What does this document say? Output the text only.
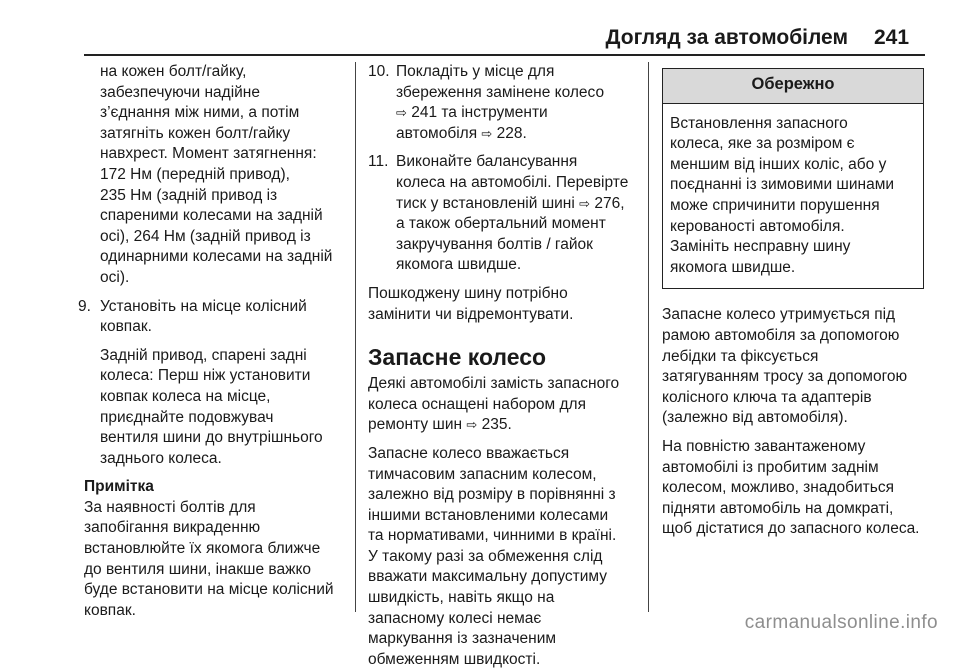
Догляд за автомобілем 241

на кожен болт/гайку,

забезпечуючи надійне

з’єднання між ними, а потім

затягніть кожен болт/гайку

навхрест. Момент затягнення:

172 Нм (передній привод),

235 Нм (задній привод із

спареними колесами на задній

осі), 264 Нм (задній привод із

одинарними колесами на задній

осі).

9. Установіть на місце колісний

ковпак.

Задній привод, спарені задні

колеса: Перш ніж установити

ковпак колеса на місце,

приєднайте подовжувач

вентиля шини до внутрішнього

заднього колеса.

Примітка

За наявності болтів для

запобігання викраденню

встановлюйте їх якомога ближче

до вентиля шини, інакше важко

буде встановити на місце колісний

ковпак.

10. Покладіть у місце для

збереження замінене колесо

⇨ 241 та інструменти

автомобіля ⇨ 228.

11. Виконайте балансування

колеса на автомобілі. Перевірте

тиск у встановленій шині ⇨ 276,

а також обертальний момент

закручування болтів / гайок

якомога швидше.

Пошкоджену шину потрібно

замінити чи відремонтувати.

Запасне колесо

Деякі автомобілі замість запасного

колеса оснащені набором для

ремонту шин ⇨ 235.

Запасне колесо вважається

тимчасовим запасним колесом,

залежно від розміру в порівнянні з

іншими встановленими колесами

та нормативами, чинними в країні.

У такому разі за обмеження слід

вважати максимальну допустиму

швидкість, навіть якщо на

запасному колесі немає

маркування із зазначеним

обмеженням швидкості.

Обережно

Встановлення запасного

колеса, яке за розміром є

меншим від інших коліс, або у

поєднанні із зимовими шинами

може спричинити порушення

керованості автомобіля.

Замініть несправну шину

якомога швидше.

Запасне колесо утримується під

рамою автомобіля за допомогою

лебідки та фіксується

затягуванням тросу за допомогою

колісного ключа та адаптерів

(залежно від автомобіля).

На повністю завантаженому

автомобілі із пробитим заднім

колесом, можливо, знадобиться

підняти автомобіль на домкраті,

щоб дістатися до запасного колеса.

carmanualsonline.info
